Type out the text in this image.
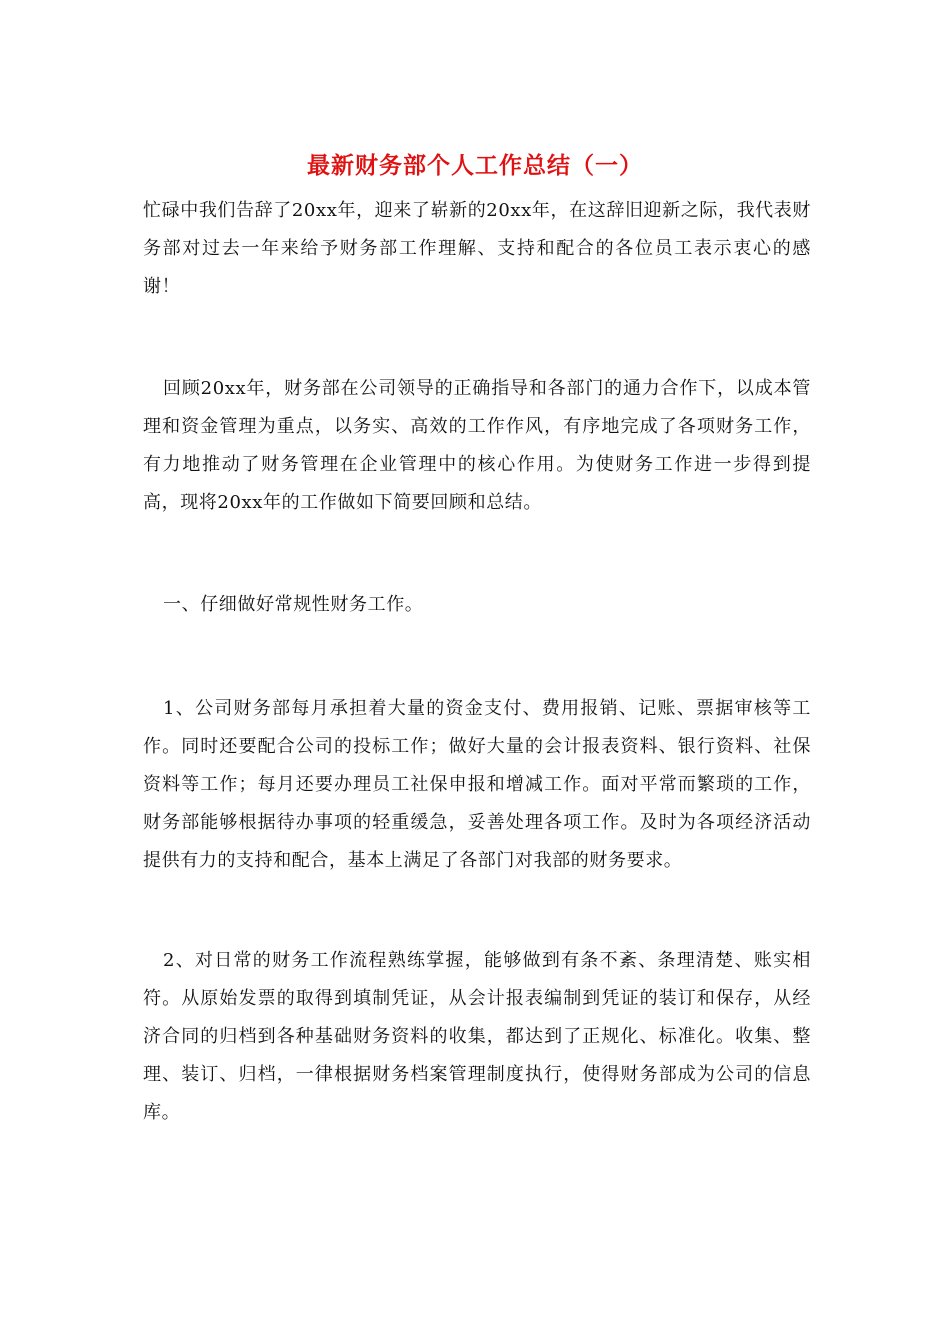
最新财务部个人工作总结（一）
忙碌中我们告辞了20xx年，迎来了崭新的20xx年，在这辞旧迎新之际，我代表财务部对过去一年来给予财务部工作理解、支持和配合的各位员工表示衷心的感谢！
回顾20xx年，财务部在公司领导的正确指导和各部门的通力合作下，以成本管理和资金管理为重点，以务实、高效的工作作风，有序地完成了各项财务工作，有力地推动了财务管理在企业管理中的核心作用。为使财务工作进一步得到提高，现将20xx年的工作做如下简要回顾和总结。
一、仔细做好常规性财务工作。
1、公司财务部每月承担着大量的资金支付、费用报销、记账、票据审核等工作。同时还要配合公司的投标工作；做好大量的会计报表资料、银行资料、社保资料等工作；每月还要办理员工社保申报和增减工作。面对平常而繁琐的工作，财务部能够根据待办事项的轻重缓急，妥善处理各项工作。及时为各项经济活动提供有力的支持和配合，基本上满足了各部门对我部的财务要求。
2、对日常的财务工作流程熟练掌握，能够做到有条不紊、条理清楚、账实相符。从原始发票的取得到填制凭证，从会计报表编制到凭证的装订和保存，从经济合同的归档到各种基础财务资料的收集，都达到了正规化、标准化。收集、整理、装订、归档，一律根据财务档案管理制度执行，使得财务部成为公司的信息库。
